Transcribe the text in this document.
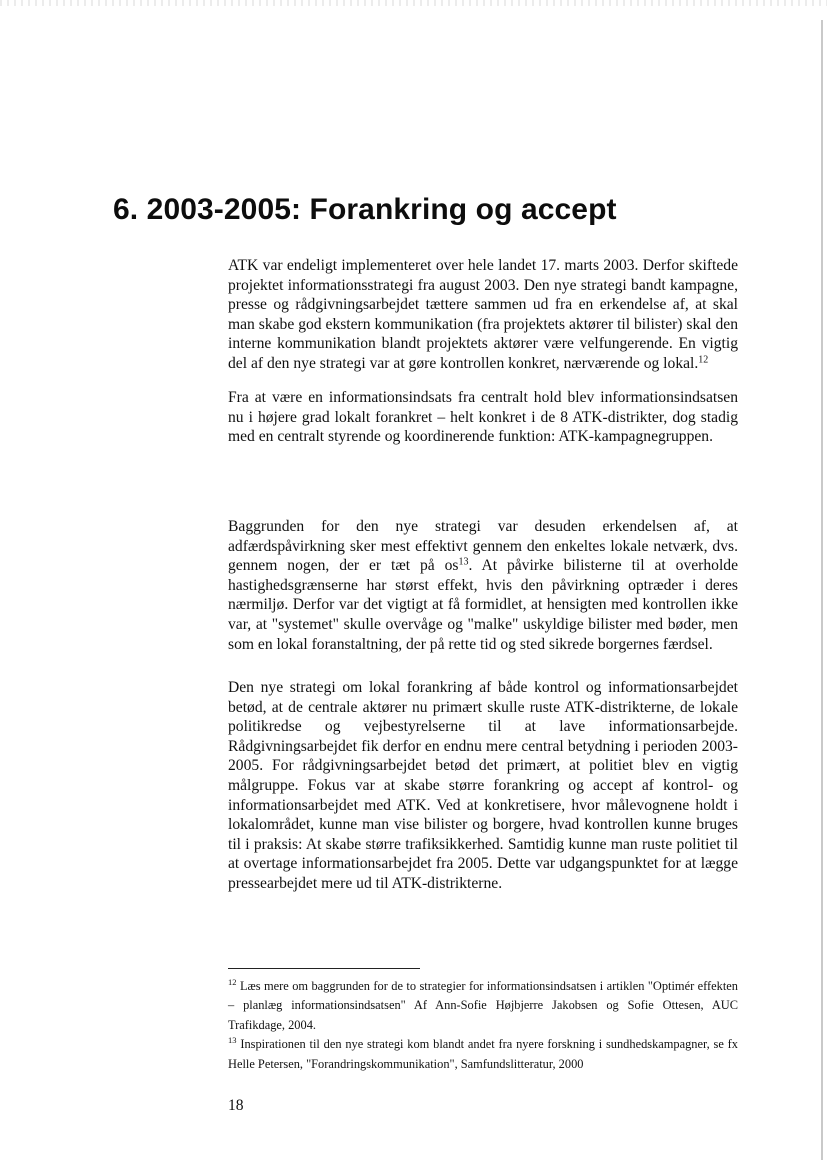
6. 2003-2005: Forankring og accept

ATK var endeligt implementeret over hele landet 17. marts 2003. Derfor skiftede projektet informationsstrategi fra august 2003. Den nye strategi bandt kampagne, presse og rådgivningsarbejdet tættere sammen ud fra en erkendelse af, at skal man skabe god ekstern kommunikation (fra projektets aktører til bilister) skal den interne kommunikation blandt projektets aktører være velfungerende. En vigtig del af den nye strategi var at gøre kontrollen konkret, nærværende og lokal.$^{12}$

Fra at være en informationsindsats fra centralt hold blev informationsindsatsen nu i højere grad lokalt forankret – helt konkret i de 8 ATK-distrikter, dog stadig med en centralt styrende og koordinerende funktion: ATK-kampagnegruppen.

Baggrunden for den nye strategi var desuden erkendelsen af, at adfærdspåvirkning sker mest effektivt gennem den enkeltes lokale netværk, dvs. gennem nogen, der er tæt på $os^{13}$. At påvirke bilisterne til at overholde hastighedsgrænserne har størst effekt, hvis den påvirkning optræder i deres nærmiljø. Derfor var det vigtigt at få formidlet, at hensigten med kontrollen ikke var, at "systemet" skulle overvåge og "malke" uskyldige bilister med bøder, men som en lokal foranstaltning, der på rette tid og sted sikrede borgernes færdsel.

Den nye strategi om lokal forankring af både kontrol og informationsarbejdet betød, at de centrale aktører nu primært skulle ruste ATK-distrikterne, de lokale politikredse og vejbestyrelserne til at lave informationsarbejde. Rådgivningsarbejdet fik derfor en endnu mere central betydning i perioden 2003-2005. For rådgivningsarbejdet betød det primært, at politiet blev en vigtig målgruppe. Fokus var at skabe større forankring og accept af kontrol- og informationsarbejdet med ATK. Ved at konkretisere, hvor målevognene holdt i lokalområdet, kunne man vise bilister og borgere, hvad kontrollen kunne bruges til i praksis: At skabe større trafiksikkerhed. Samtidig kunne man ruste politiet til at overtage informationsarbejdet fra 2005. Dette var udgangspunktet for at lægge pressearbejdet mere ud til ATK-distrikterne.

$^{12}$ Læs mere om baggrunden for de to strategier for informationsindsatsen i artiklen "Optimér effekten – planlæg informationsindsatsen" Af Ann-Sofie Højbjerre Jakobsen og Sofie Ottesen, AUC Trafikdage, 2004.

$^{13}$ Inspirationen til den nye strategi kom blandt andet fra nyere forskning i sundhedskampagner, se fx Helle Petersen, "Forandringskommunikation", Samfundslitteratur, 2000

18
